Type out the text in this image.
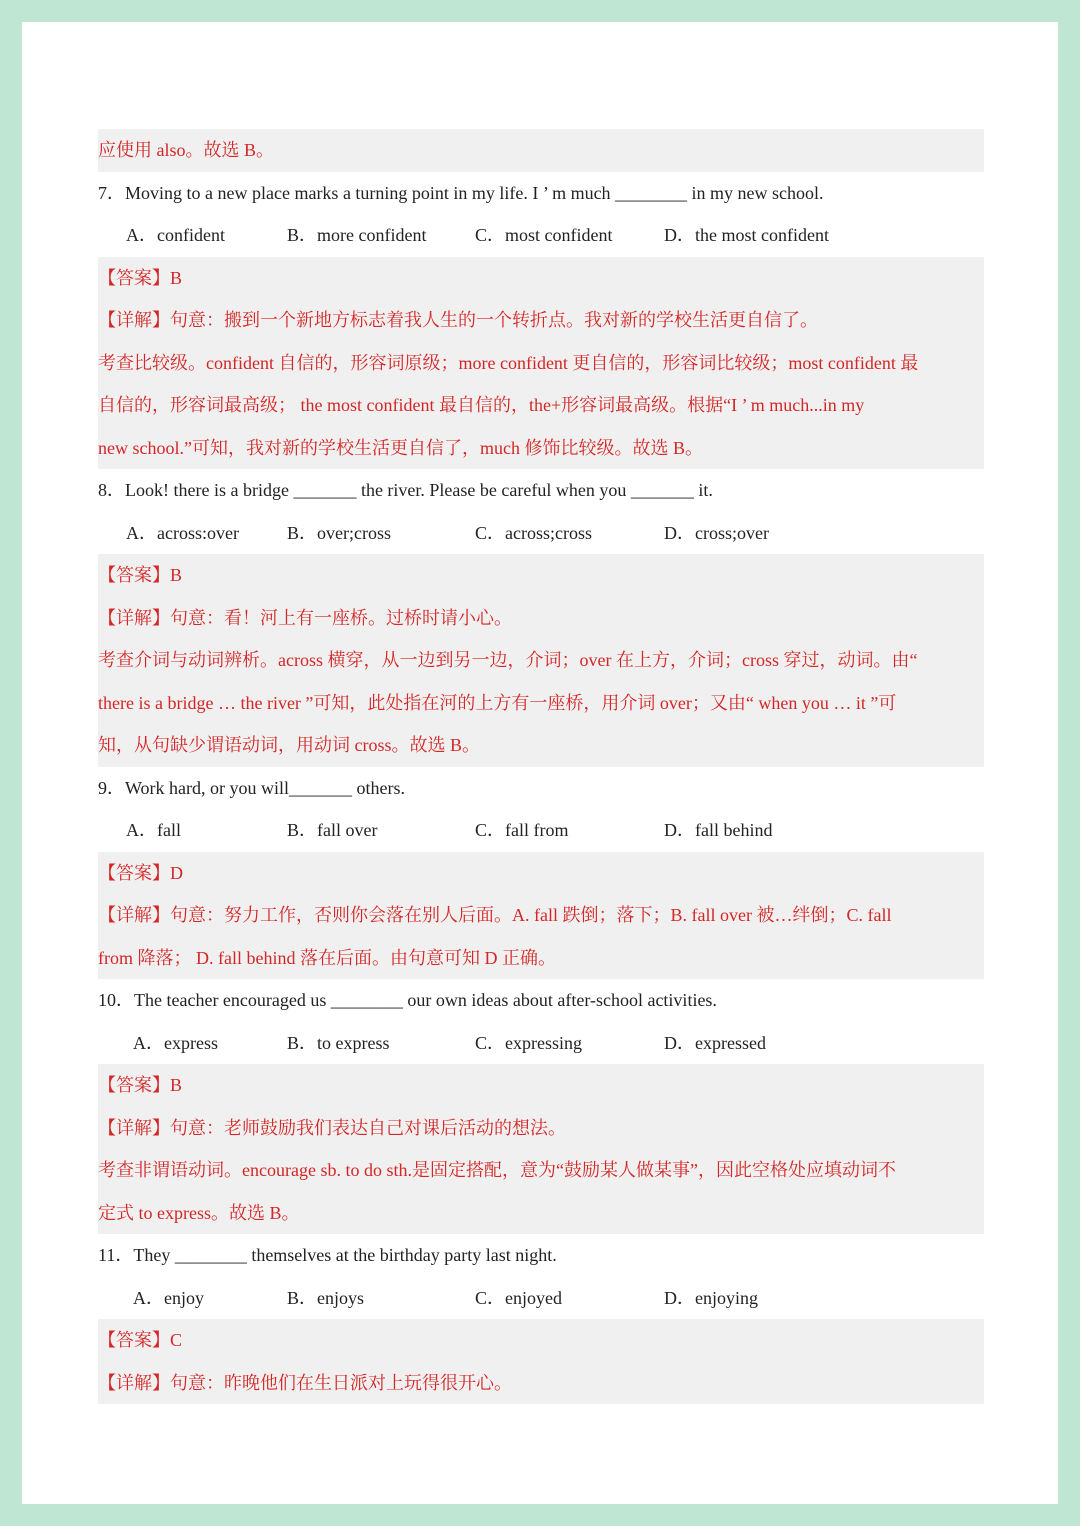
应使用 also。故选 B。
7．Moving to a new place marks a turning point in my life. I ’ m much ________ in my new school.
A．confident	B．more confident	C．most confident	D．the most confident
【答案】B
【详解】句意：搬到一个新地方标志着我人生的一个转折点。我对新的学校生活更自信了。
考查比较级。confident 自信的，形容词原级；more confident 更自信的，形容词比较级；most confident 最
自信的，形容词最高级； the most confident 最自信的，the+形容词最高级。根据“I ’ m much...in my
new school.”可知，我对新的学校生活更自信了，much 修饰比较级。故选 B。
8．Look! there is a bridge _______ the river. Please be careful when you _______ it.
A．across:over	B．over;cross	C．across;cross	D．cross;over
【答案】B
【详解】句意：看！河上有一座桥。过桥时请小心。
考查介词与动词辨析。across 横穿，从一边到另一边，介词；over 在上方，介词；cross 穿过，动词。由“
there is a bridge … the river ”可知，此处指在河的上方有一座桥，用介词 over；又由“ when you … it ”可
知，从句缺少谓语动词，用动词 cross。故选 B。
9．Work hard, or you will_______ others.
A．fall	B．fall over	C．fall from	D．fall behind
【答案】D
【详解】句意：努力工作，否则你会落在别人后面。A. fall 跌倒；落下；B. fall over 被…绊倒；C. fall
from 降落； D. fall behind 落在后面。由句意可知 D 正确。
10．The teacher encouraged us ________ our own ideas about after-school activities.
A．express	B．to express	C．expressing	D．expressed
【答案】B
【详解】句意：老师鼓励我们表达自己对课后活动的想法。
考查非谓语动词。encourage sb. to do sth.是固定搭配，意为“鼓励某人做某事”，因此空格处应填动词不
定式 to express。故选 B。
11．They ________ themselves at the birthday party last night.
A．enjoy	B．enjoys	C．enjoyed	D．enjoying
【答案】C
【详解】句意：昨晚他们在生日派对上玩得很开心。
